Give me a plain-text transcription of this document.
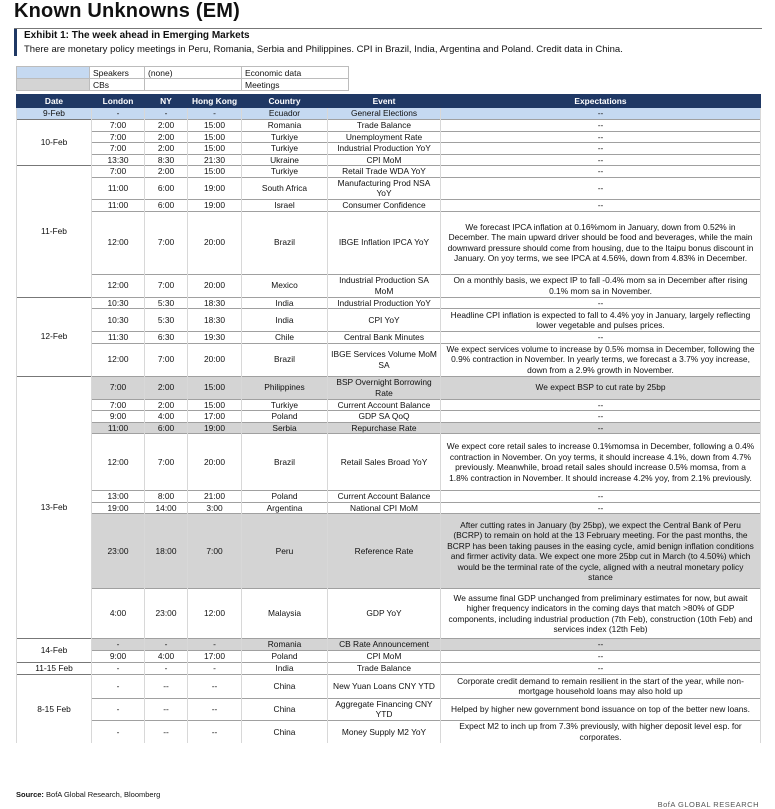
Known Unknowns (EM)
Exhibit 1: The week ahead in Emerging Markets
There are monetary policy meetings in Peru, Romania, Serbia and Philippines. CPI in Brazil, India, Argentina and Poland. Credit data in China.
	Speakers	(none)	Economic data
	CBs		Meetings
Date	London	NY	Hong Kong	Country	Event	Expectations
9-Feb	-	-	-	Ecuador	General Elections	--
10-Feb	7:00	2:00	15:00	Romania	Trade Balance	--
	7:00	2:00	15:00	Turkiye	Unemployment Rate	--
	7:00	2:00	15:00	Turkiye	Industrial Production YoY	--
	13:30	8:30	21:30	Ukraine	CPI MoM	--
11-Feb	7:00	2:00	15:00	Turkiye	Retail Trade WDA YoY	--
	11:00	6:00	19:00	South Africa	Manufacturing Prod NSA YoY	--
	11:00	6:00	19:00	Israel	Consumer Confidence	--
	12:00	7:00	20:00	Brazil	IBGE Inflation IPCA YoY	We forecast IPCA inflation at 0.16%mom in January, down from 0.52% in December. The main upward driver should be food and beverages, while the main downward pressure should come from housing, due to the Itaipu bonus discount in January. On yoy terms, we see IPCA at 4.56%, down from 4.83% in December.
	12:00	7:00	20:00	Mexico	Industrial Production SA MoM	On a monthly basis, we expect IP to fall -0.4% mom sa in December after rising 0.1% mom sa in November.
12-Feb	10:30	5:30	18:30	India	Industrial Production YoY	--
	10:30	5:30	18:30	India	CPI YoY	Headline CPI inflation is expected to fall to 4.4% yoy in January, largely reflecting lower vegetable and pulses prices.
	11:30	6:30	19:30	Chile	Central Bank Minutes	--
	12:00	7:00	20:00	Brazil	IBGE Services Volume MoM SA	We expect services volume to increase by 0.5% momsa in December, following the 0.9% contraction in November. In yearly terms, we forecast a 3.7% yoy increase, down from a 2.9% growth in November.
13-Feb	7:00	2:00	15:00	Philippines	BSP Overnight Borrowing Rate	We expect BSP to cut rate by 25bp
	7:00	2:00	15:00	Turkiye	Current Account Balance	--
	9:00	4:00	17:00	Poland	GDP SA QoQ	--
	11:00	6:00	19:00	Serbia	Repurchase Rate	--
	12:00	7:00	20:00	Brazil	Retail Sales Broad YoY	We expect core retail sales to increase 0.1%momsa in December, following a 0.4% contraction in November. On yoy terms, it should increase 4.1%, down from 4.7% previously. Meanwhile, broad retail sales should increase 0.5% momsa, from a 1.8% contraction in November. It should increase 4.2% yoy, from 2.1% previously.
	13:00	8:00	21:00	Poland	Current Account Balance	--
	19:00	14:00	3:00	Argentina	National CPI MoM	--
	23:00	18:00	7:00	Peru	Reference Rate	After cutting rates in January (by 25bp), we expect the Central Bank of Peru (BCRP) to remain on hold at the 13 February meeting. For the past months, the BCRP has been taking pauses in the easing cycle, amid benign inflation conditions and firmer activity data. We expect one more 25bp cut in March (to 4.50%) which would be the terminal rate of the cycle, aligned with a neutral monetary policy stance
	4:00	23:00	12:00	Malaysia	GDP YoY	We assume final GDP unchanged from preliminary estimates for now, but await higher frequency indicators in the coming days that match >80% of GDP components, including industrial production (7th Feb), construction (10th Feb) and services index (12th Feb)
14-Feb	-	-	-	Romania	CB Rate Announcement	--
	9:00	4:00	17:00	Poland	CPI MoM	--
11-15 Feb	-	-	-	India	Trade Balance	--
8-15 Feb	-	--	--	China	New Yuan Loans CNY YTD	Corporate credit demand to remain resilient in the start of the year, while non-mortgage household loans may also hold up
	-	--	--	China	Aggregate Financing CNY YTD	Helped by higher new government bond issuance on top of the better new loans.
	-	--	--	China	Money Supply M2 YoY	Expect M2 to inch up from 7.3% previously, with higher deposit level esp. for corporates.
Source: BofA Global Research, Bloomberg
BofA GLOBAL RESEARCH
